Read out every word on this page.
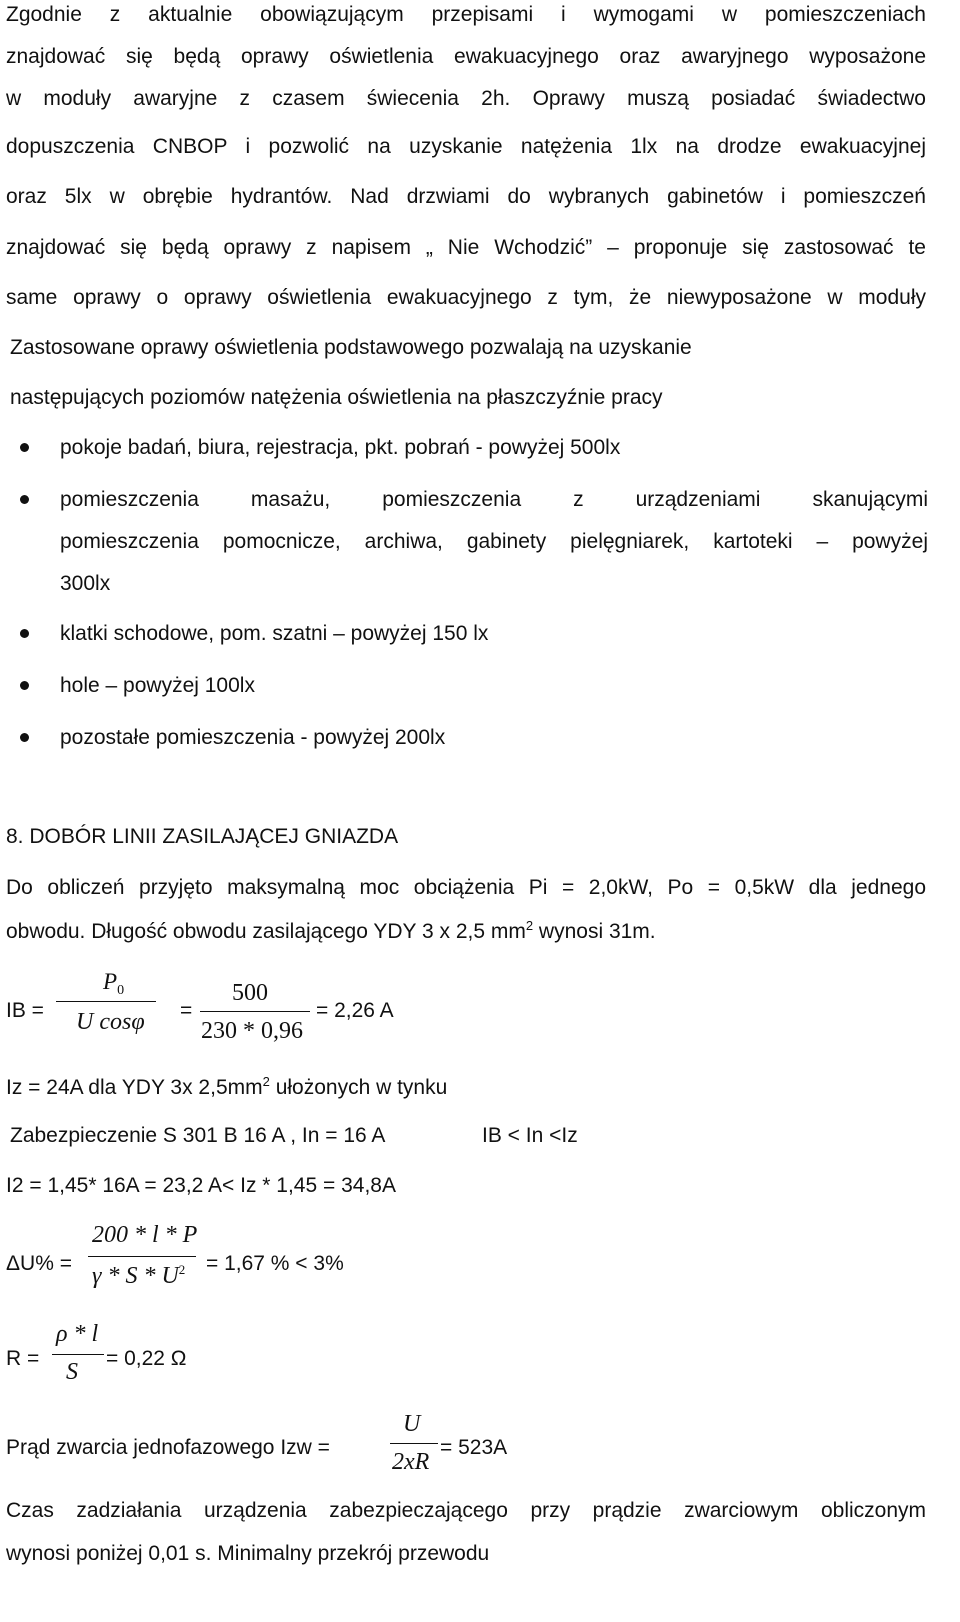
Zgodnie z aktualnie obowiązującym przepisami i wymogami w pomieszczeniach
znajdować się będą oprawy oświetlenia ewakuacyjnego oraz awaryjnego wyposażone
w moduły awaryjne z czasem świecenia 2h. Oprawy muszą posiadać świadectwo
dopuszczenia CNBOP i pozwolić na uzyskanie natężenia 1lx na drodze ewakuacyjnej
oraz 5lx w obrębie hydrantów. Nad drzwiami do wybranych gabinetów i pomieszczeń
znajdować się będą oprawy z napisem „ Nie Wchodzić” – proponuje się zastosować te
same oprawy o oprawy oświetlenia ewakuacyjnego z tym, że niewyposażone w moduły
Zastosowane oprawy oświetlenia podstawowego pozwalają na uzyskanie
następujących poziomów natężenia oświetlenia na płaszczyźnie pracy
pokoje badań, biura, rejestracja, pkt. pobrań - powyżej 500lx
pomieszczenia masażu, pomieszczenia z urządzeniami skanującymi
pomieszczenia pomocnicze, archiwa, gabinety pielęgniarek, kartoteki – powyżej
300lx
klatki schodowe, pom. szatni – powyżej 150 lx
hole – powyżej 100lx
pozostałe pomieszczenia - powyżej 200lx
8. DOBÓR LINII ZASILAJĄCEJ GNIAZDA
Do obliczeń przyjęto maksymalną moc obciążenia Pi = 2,0kW, Po = 0,5kW dla jednego
obwodu. Długość obwodu zasilającego YDY 3 x 2,5 $mm^2$ wynosi 31m.
IB =
$P_0$
U cosφ =
500
230 * 0,96
= 2,26 A
Iz = 24A dla YDY 3x $2,5mm^2$ ułożonych w tynku
Zabezpieczenie S 301 B 16 A , In = 16 A	IB < In <Iz
I2 = 1,45* 16A = 23,2 A< Iz * 1,45 = 34,8A
ΔU% =
200 * l * P
$\gamma * S * U^2 = 1,67$ % < 3%
R =
ρ * l
S
= 0,22 Ω
Prąd zwarcia jednofazowego Izw =
U
2xR
= 523A
Czas zadziałania urządzenia zabezpieczającego przy prądzie zwarciowym obliczonym
wynosi poniżej 0,01 s. Minimalny przekrój przewodu
